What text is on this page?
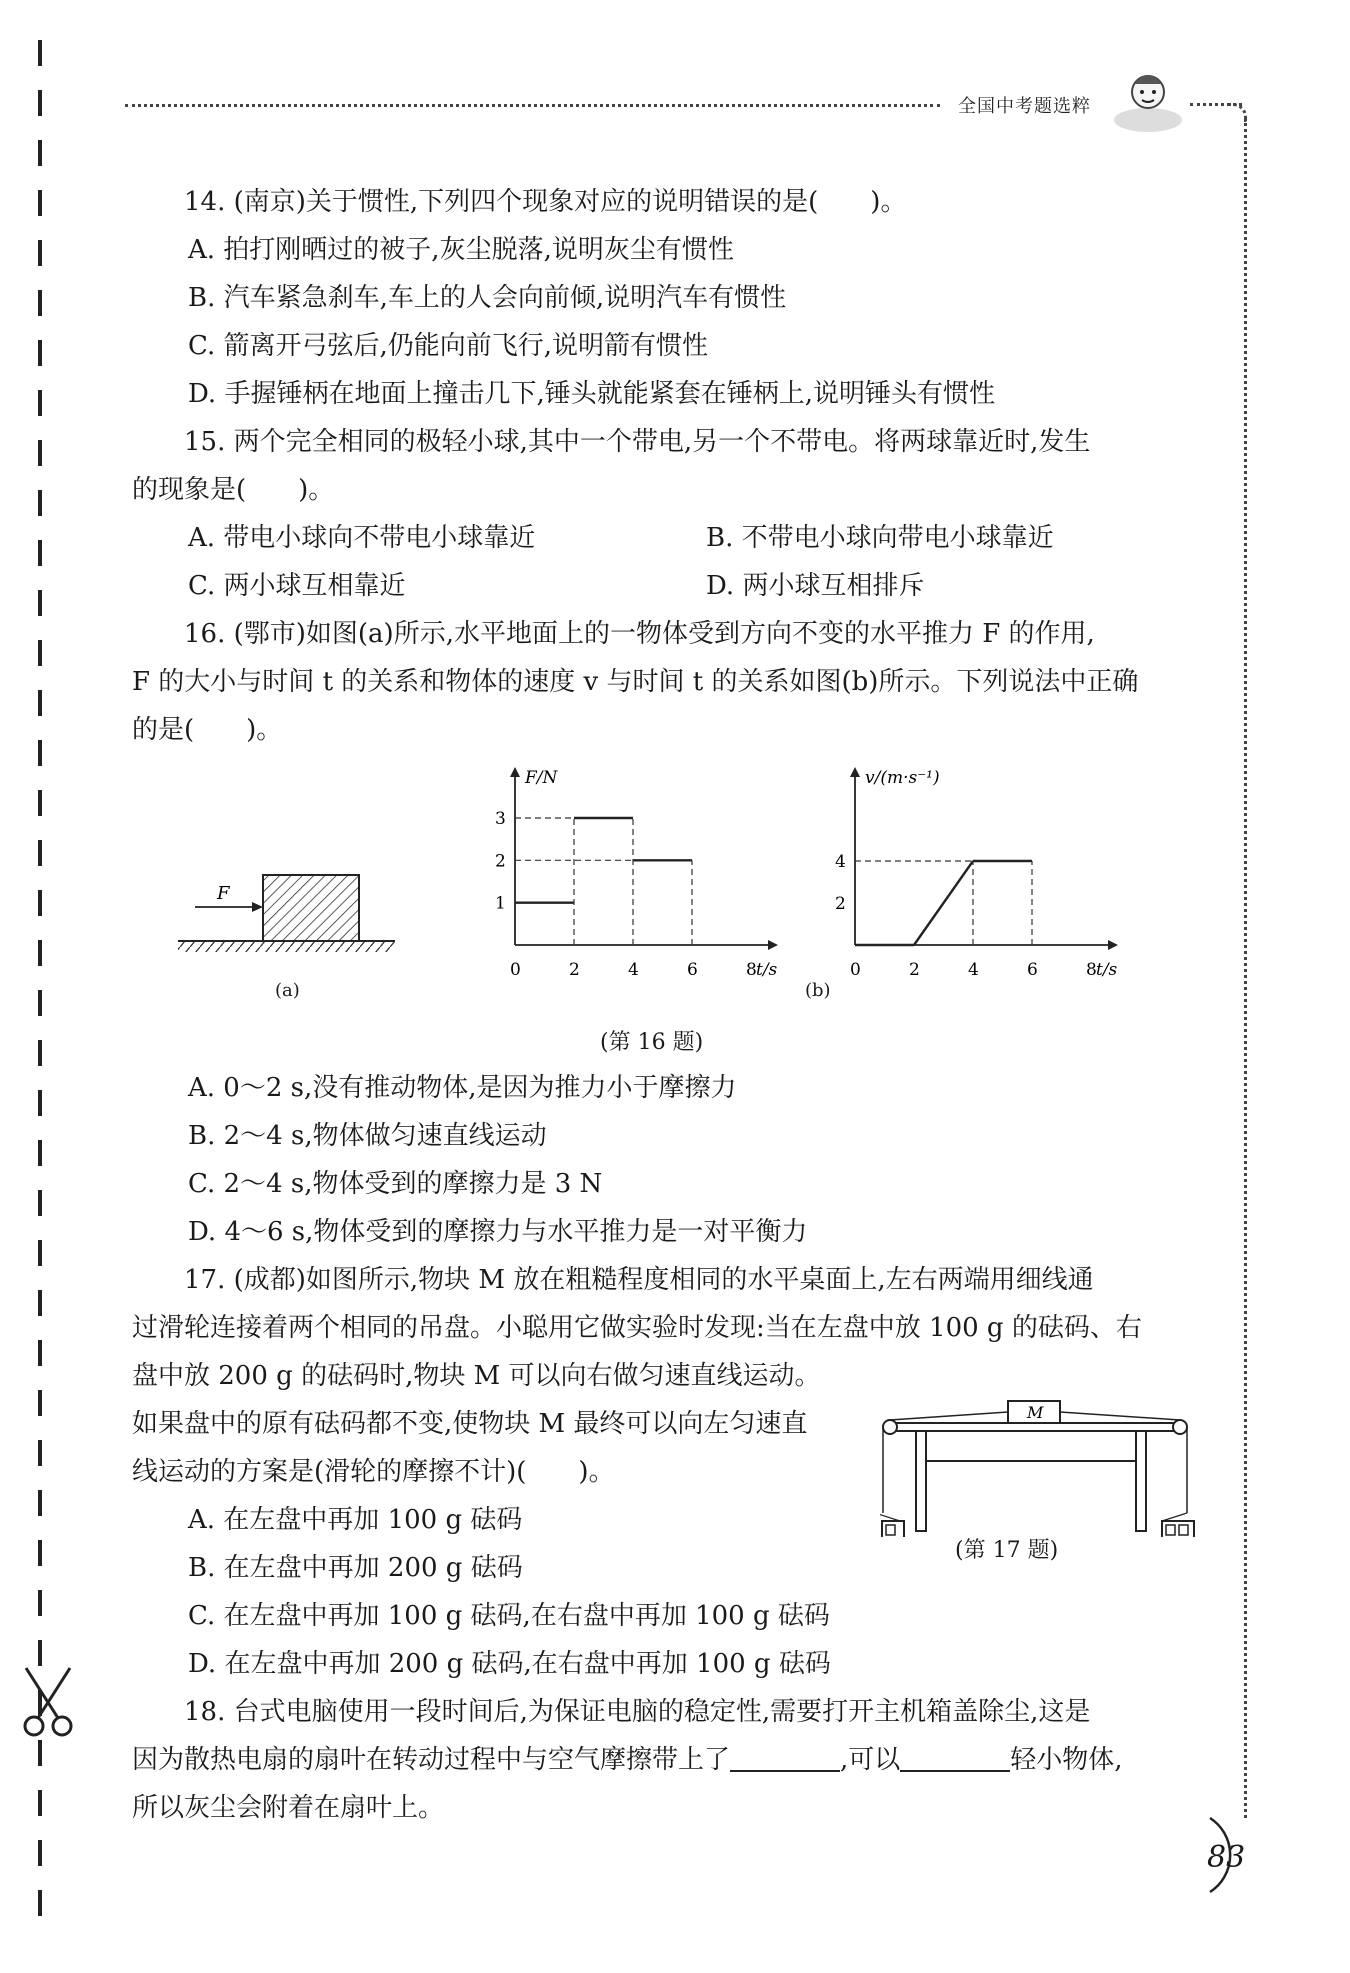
全国中考题选粹
83

14. (南京)关于惯性,下列四个现象对应的说明错误的是(　　)。

A. 拍打刚晒过的被子,灰尘脱落,说明灰尘有惯性

B. 汽车紧急刹车,车上的人会向前倾,说明汽车有惯性

C. 箭离开弓弦后,仍能向前飞行,说明箭有惯性

D. 手握锤柄在地面上撞击几下,锤头就能紧套在锤柄上,说明锤头有惯性

15. 两个完全相同的极轻小球,其中一个带电,另一个不带电。将两球靠近时,发生

的现象是(　　)。

A. 带电小球向不带电小球靠近	B. 不带电小球向带电小球靠近
C. 两小球互相靠近	D. 两小球互相排斥

16. (鄂市)如图(a)所示,水平地面上的一物体受到方向不变的水平推力 F 的作用,

F 的大小与时间 t 的关系和物体的速度 v 与时间 t 的关系如图(b)所示。下列说法中正确

的是(　　)。

A. 0～2 s,没有推动物体,是因为推力小于摩擦力

B. 2～4 s,物体做匀速直线运动

C. 2～4 s,物体受到的摩擦力是 3 N

D. 4～6 s,物体受到的摩擦力与水平推力是一对平衡力

17. (成都)如图所示,物块 M 放在粗糙程度相同的水平桌面上,左右两端用细线通

过滑轮连接着两个相同的吊盘。小聪用它做实验时发现:当在左盘中放 100 g 的砝码、右

盘中放 200 g 的砝码时,物块 M 可以向右做匀速直线运动。

如果盘中的原有砝码都不变,使物块 M 最终可以向左匀速直

线运动的方案是(滑轮的摩擦不计)(　　)。

A. 在左盘中再加 100 g 砝码

B. 在左盘中再加 200 g 砝码

C. 在左盘中再加 100 g 砝码,在右盘中再加 100 g 砝码

D. 在左盘中再加 200 g 砝码,在右盘中再加 100 g 砝码

18. 台式电脑使用一段时间后,为保证电脑的稳定性,需要打开主机箱盖除尘,这是

因为散热电扇的扇叶在转动过程中与空气摩擦带上了	,可以	轻小物体,

所以灰尘会附着在扇叶上。

F
(a)
F/N
t/s
0	2	4	6	8
1
2
3
v/(m·s⁻¹)
t/s
0	2	4	6	8
2
4
(b)
(第 16 题)
M
(第 17 题)
